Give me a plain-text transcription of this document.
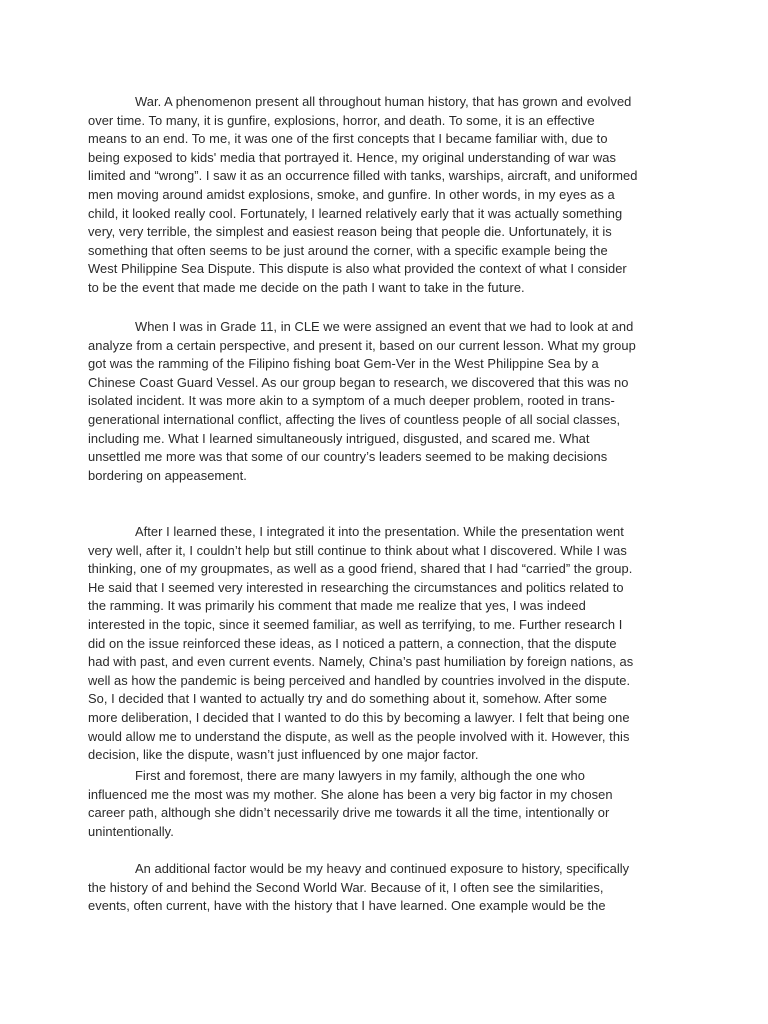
War. A phenomenon present all throughout human history, that has grown and evolved
over time. To many, it is gunfire, explosions, horror, and death. To some, it is an effective
means to an end. To me, it was one of the first concepts that I became familiar with, due to
being exposed to kids' media that portrayed it. Hence, my original understanding of war was
limited and “wrong”. I saw it as an occurrence filled with tanks, warships, aircraft, and uniformed
men moving around amidst explosions, smoke, and gunfire. In other words, in my eyes as a
child, it looked really cool. Fortunately, I learned relatively early that it was actually something
very, very terrible, the simplest and easiest reason being that people die. Unfortunately, it is
something that often seems to be just around the corner, with a specific example being the
West Philippine Sea Dispute. This dispute is also what provided the context of what I consider
to be the event that made me decide on the path I want to take in the future.
When I was in Grade 11, in CLE we were assigned an event that we had to look at and
analyze from a certain perspective, and present it, based on our current lesson. What my group
got was the ramming of the Filipino fishing boat Gem-Ver in the West Philippine Sea by a
Chinese Coast Guard Vessel. As our group began to research, we discovered that this was no
isolated incident. It was more akin to a symptom of a much deeper problem, rooted in trans-
generational international conflict, affecting the lives of countless people of all social classes,
including me. What I learned simultaneously intrigued, disgusted, and scared me. What
unsettled me more was that some of our country’s leaders seemed to be making decisions
bordering on appeasement.
After I learned these, I integrated it into the presentation. While the presentation went
very well, after it, I couldn’t help but still continue to think about what I discovered. While I was
thinking, one of my groupmates, as well as a good friend, shared that I had “carried” the group.
He said that I seemed very interested in researching the circumstances and politics related to
the ramming. It was primarily his comment that made me realize that yes, I was indeed
interested in the topic, since it seemed familiar, as well as terrifying, to me. Further research I
did on the issue reinforced these ideas, as I noticed a pattern, a connection, that the dispute
had with past, and even current events. Namely, China’s past humiliation by foreign nations, as
well as how the pandemic is being perceived and handled by countries involved in the dispute.
So, I decided that I wanted to actually try and do something about it, somehow. After some
more deliberation, I decided that I wanted to do this by becoming a lawyer. I felt that being one
would allow me to understand the dispute, as well as the people involved with it. However, this
decision, like the dispute, wasn’t just influenced by one major factor.
First and foremost, there are many lawyers in my family, although the one who
influenced me the most was my mother. She alone has been a very big factor in my chosen
career path, although she didn’t necessarily drive me towards it all the time, intentionally or
unintentionally.
An additional factor would be my heavy and continued exposure to history, specifically
the history of and behind the Second World War. Because of it, I often see the similarities,
events, often current, have with the history that I have learned. One example would be the
